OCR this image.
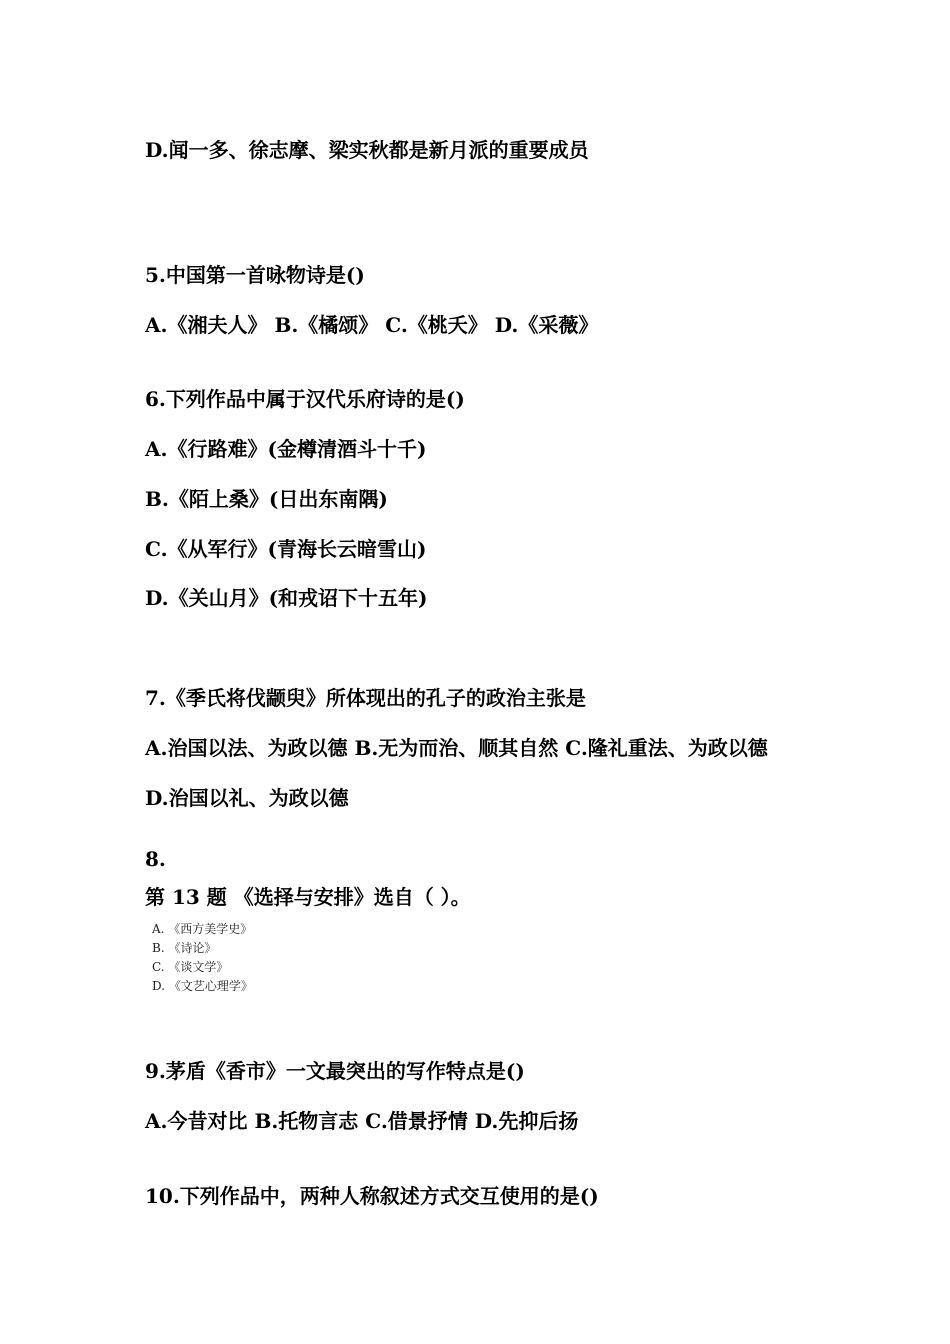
D.闻一多、徐志摩、梁实秋都是新月派的重要成员

5.中国第一首咏物诗是()

A.《湘夫人》 B.《橘颂》 C.《桃夭》 D.《采薇》

6.下列作品中属于汉代乐府诗的是()

A.《行路难》(金樽清酒斗十千)

B.《陌上桑》(日出东南隅)

C.《从军行》(青海长云暗雪山)

D.《关山月》(和戎诏下十五年)

7.《季氏将伐颛臾》所体现出的孔子的政治主张是

A.治国以法、为政以德 B.无为而治、顺其自然 C.隆礼重法、为政以德

D.治国以礼、为政以德

8.

第 13 题 《选择与安排》选自（ ）。

A. 《西方美学史》

B. 《诗论》

C. 《谈文学》

D. 《文艺心理学》

9.茅盾《香市》一文最突出的写作特点是()

A.今昔对比 B.托物言志 C.借景抒情 D.先抑后扬

10.下列作品中，两种人称叙述方式交互使用的是()
